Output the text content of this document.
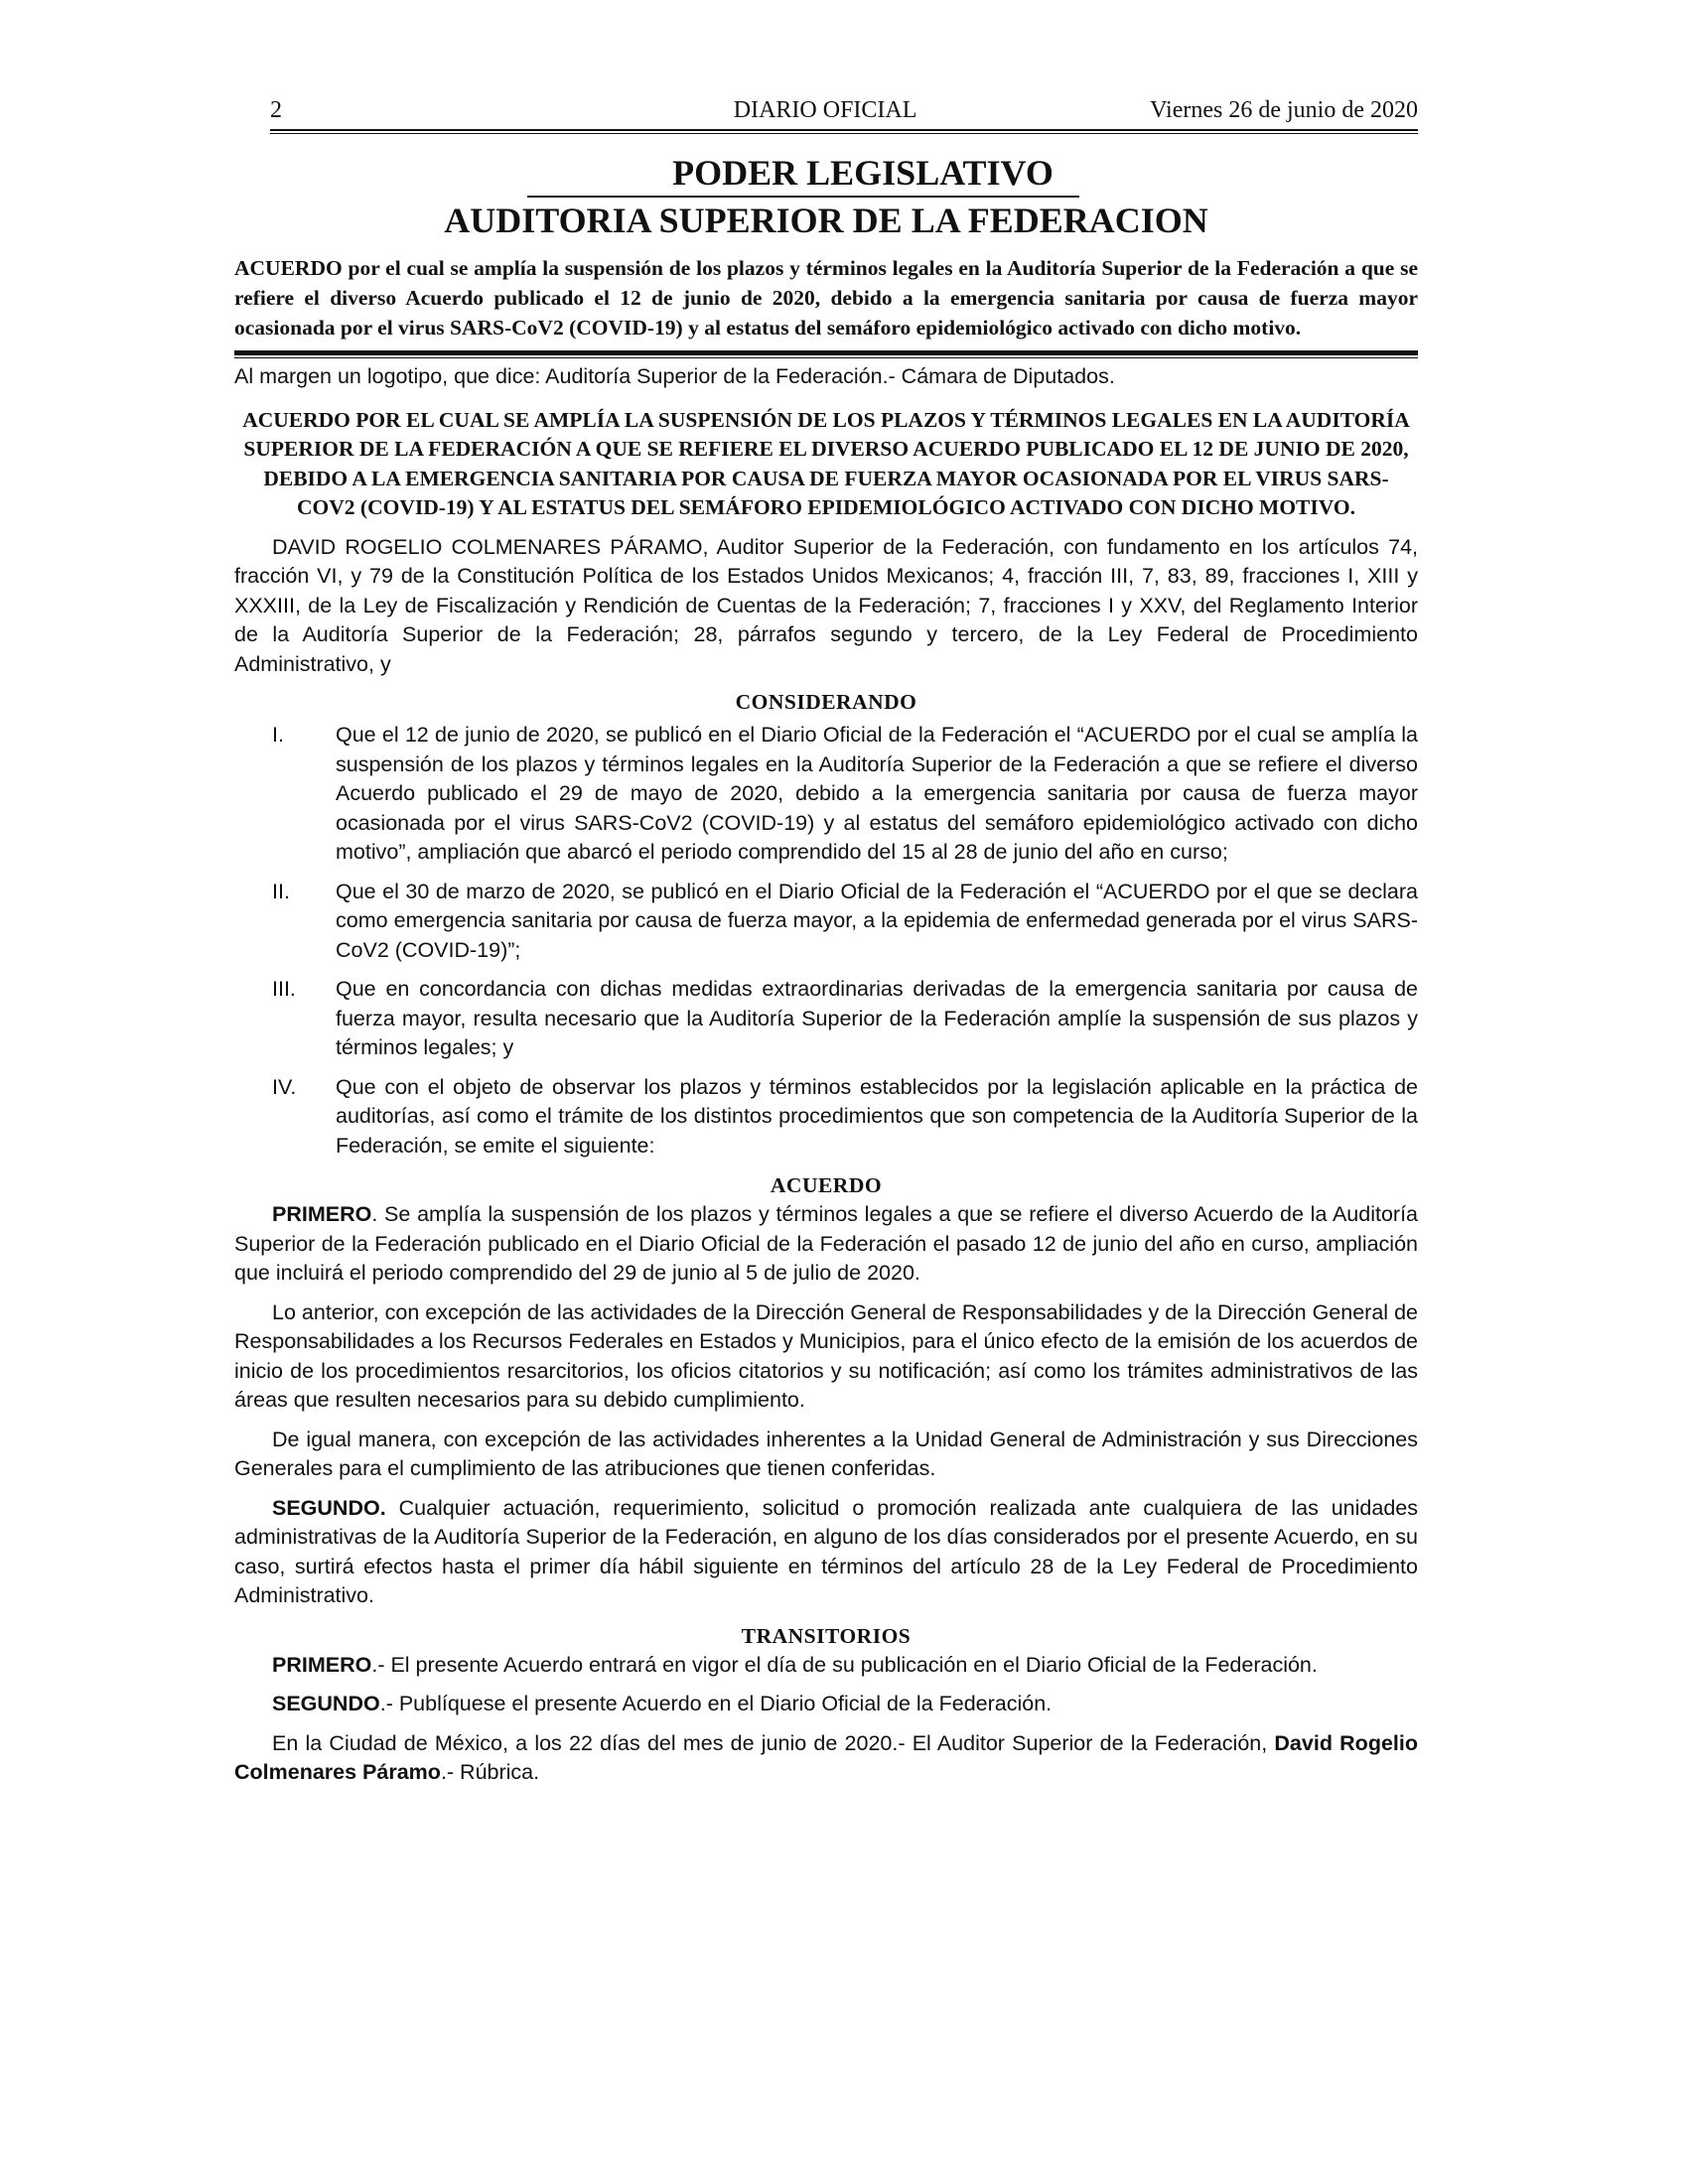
2	DIARIO OFICIAL	Viernes 26 de junio de 2020
PODER LEGISLATIVO
AUDITORIA SUPERIOR DE LA FEDERACION
ACUERDO por el cual se amplía la suspensión de los plazos y términos legales en la Auditoría Superior de la Federación a que se refiere el diverso Acuerdo publicado el 12 de junio de 2020, debido a la emergencia sanitaria por causa de fuerza mayor ocasionada por el virus SARS-CoV2 (COVID-19) y al estatus del semáforo epidemiológico activado con dicho motivo.

Al margen un logotipo, que dice: Auditoría Superior de la Federación.- Cámara de Diputados.

ACUERDO POR EL CUAL SE AMPLÍA LA SUSPENSIÓN DE LOS PLAZOS Y TÉRMINOS LEGALES EN LA AUDITORÍA SUPERIOR DE LA FEDERACIÓN A QUE SE REFIERE EL DIVERSO ACUERDO PUBLICADO EL 12 DE JUNIO DE 2020, DEBIDO A LA EMERGENCIA SANITARIA POR CAUSA DE FUERZA MAYOR OCASIONADA POR EL VIRUS SARS-COV2 (COVID-19) Y AL ESTATUS DEL SEMÁFORO EPIDEMIOLÓGICO ACTIVADO CON DICHO MOTIVO.

DAVID ROGELIO COLMENARES PÁRAMO, Auditor Superior de la Federación, con fundamento en los artículos 74, fracción VI, y 79 de la Constitución Política de los Estados Unidos Mexicanos; 4, fracción III, 7, 83, 89, fracciones I, XIII y XXXIII, de la Ley de Fiscalización y Rendición de Cuentas de la Federación; 7, fracciones I y XXV, del Reglamento Interior de la Auditoría Superior de la Federación; 28, párrafos segundo y tercero, de la Ley Federal de Procedimiento Administrativo, y

CONSIDERANDO
I.	Que el 12 de junio de 2020, se publicó en el Diario Oficial de la Federación el “ACUERDO por el cual se amplía la suspensión de los plazos y términos legales en la Auditoría Superior de la Federación a que se refiere el diverso Acuerdo publicado el 29 de mayo de 2020, debido a la emergencia sanitaria por causa de fuerza mayor ocasionada por el virus SARS-CoV2 (COVID-19) y al estatus del semáforo epidemiológico activado con dicho motivo”, ampliación que abarcó el periodo comprendido del 15 al 28 de junio del año en curso;

II.	Que el 30 de marzo de 2020, se publicó en el Diario Oficial de la Federación el “ACUERDO por el que se declara como emergencia sanitaria por causa de fuerza mayor, a la epidemia de enfermedad generada por el virus SARS-CoV2 (COVID-19)”;

III.	Que en concordancia con dichas medidas extraordinarias derivadas de la emergencia sanitaria por causa de fuerza mayor, resulta necesario que la Auditoría Superior de la Federación amplíe la suspensión de sus plazos y términos legales; y

IV.	Que con el objeto de observar los plazos y términos establecidos por la legislación aplicable en la práctica de auditorías, así como el trámite de los distintos procedimientos que son competencia de la Auditoría Superior de la Federación, se emite el siguiente:

ACUERDO

PRIMERO. Se amplía la suspensión de los plazos y términos legales a que se refiere el diverso Acuerdo de la Auditoría Superior de la Federación publicado en el Diario Oficial de la Federación el pasado 12 de junio del año en curso, ampliación que incluirá el periodo comprendido del 29 de junio al 5 de julio de 2020.

Lo anterior, con excepción de las actividades de la Dirección General de Responsabilidades y de la Dirección General de Responsabilidades a los Recursos Federales en Estados y Municipios, para el único efecto de la emisión de los acuerdos de inicio de los procedimientos resarcitorios, los oficios citatorios y su notificación; así como los trámites administrativos de las áreas que resulten necesarios para su debido cumplimiento.

De igual manera, con excepción de las actividades inherentes a la Unidad General de Administración y sus Direcciones Generales para el cumplimiento de las atribuciones que tienen conferidas.

SEGUNDO. Cualquier actuación, requerimiento, solicitud o promoción realizada ante cualquiera de las unidades administrativas de la Auditoría Superior de la Federación, en alguno de los días considerados por el presente Acuerdo, en su caso, surtirá efectos hasta el primer día hábil siguiente en términos del artículo 28 de la Ley Federal de Procedimiento Administrativo.

TRANSITORIOS

PRIMERO.- El presente Acuerdo entrará en vigor el día de su publicación en el Diario Oficial de la Federación.

SEGUNDO.- Publíquese el presente Acuerdo en el Diario Oficial de la Federación.

En la Ciudad de México, a los 22 días del mes de junio de 2020.- El Auditor Superior de la Federación, David Rogelio Colmenares Páramo.- Rúbrica.
